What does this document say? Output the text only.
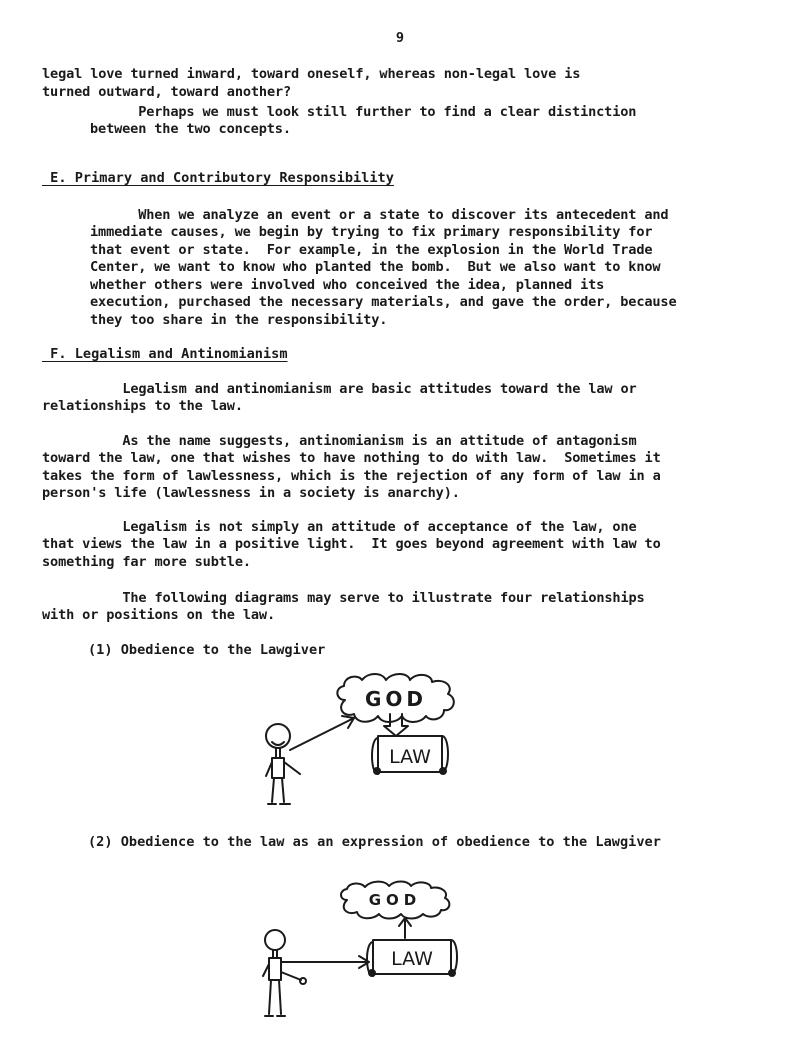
9
legal love turned inward, toward oneself, whereas non-legal love is
turned outward, toward another?
Perhaps we must look still further to find a clear distinction
between the two concepts.
E. Primary and Contributory Responsibility
When we analyze an event or a state to discover its antecedent and
immediate causes, we begin by trying to fix primary responsibility for
that event or state.  For example, in the explosion in the World Trade
Center, we want to know who planted the bomb.  But we also want to know
whether others were involved who conceived the idea, planned its
execution, purchased the necessary materials, and gave the order, because
they too share in the responsibility.
F. Legalism and Antinomianism
Legalism and antinomianism are basic attitudes toward the law or
relationships to the law.
As the name suggests, antinomianism is an attitude of antagonism
toward the law, one that wishes to have nothing to do with law.  Sometimes it
takes the form of lawlessness, which is the rejection of any form of law in a
person's life (lawlessness in a society is anarchy).
Legalism is not simply an attitude of acceptance of the law, one
that views the law in a positive light.  It goes beyond agreement with law to
something far more subtle.
The following diagrams may serve to illustrate four relationships
with or positions on the law.
(1) Obedience to the Lawgiver
GOD
LAW
(2) Obedience to the law as an expression of obedience to the Lawgiver
GOD
LAW
